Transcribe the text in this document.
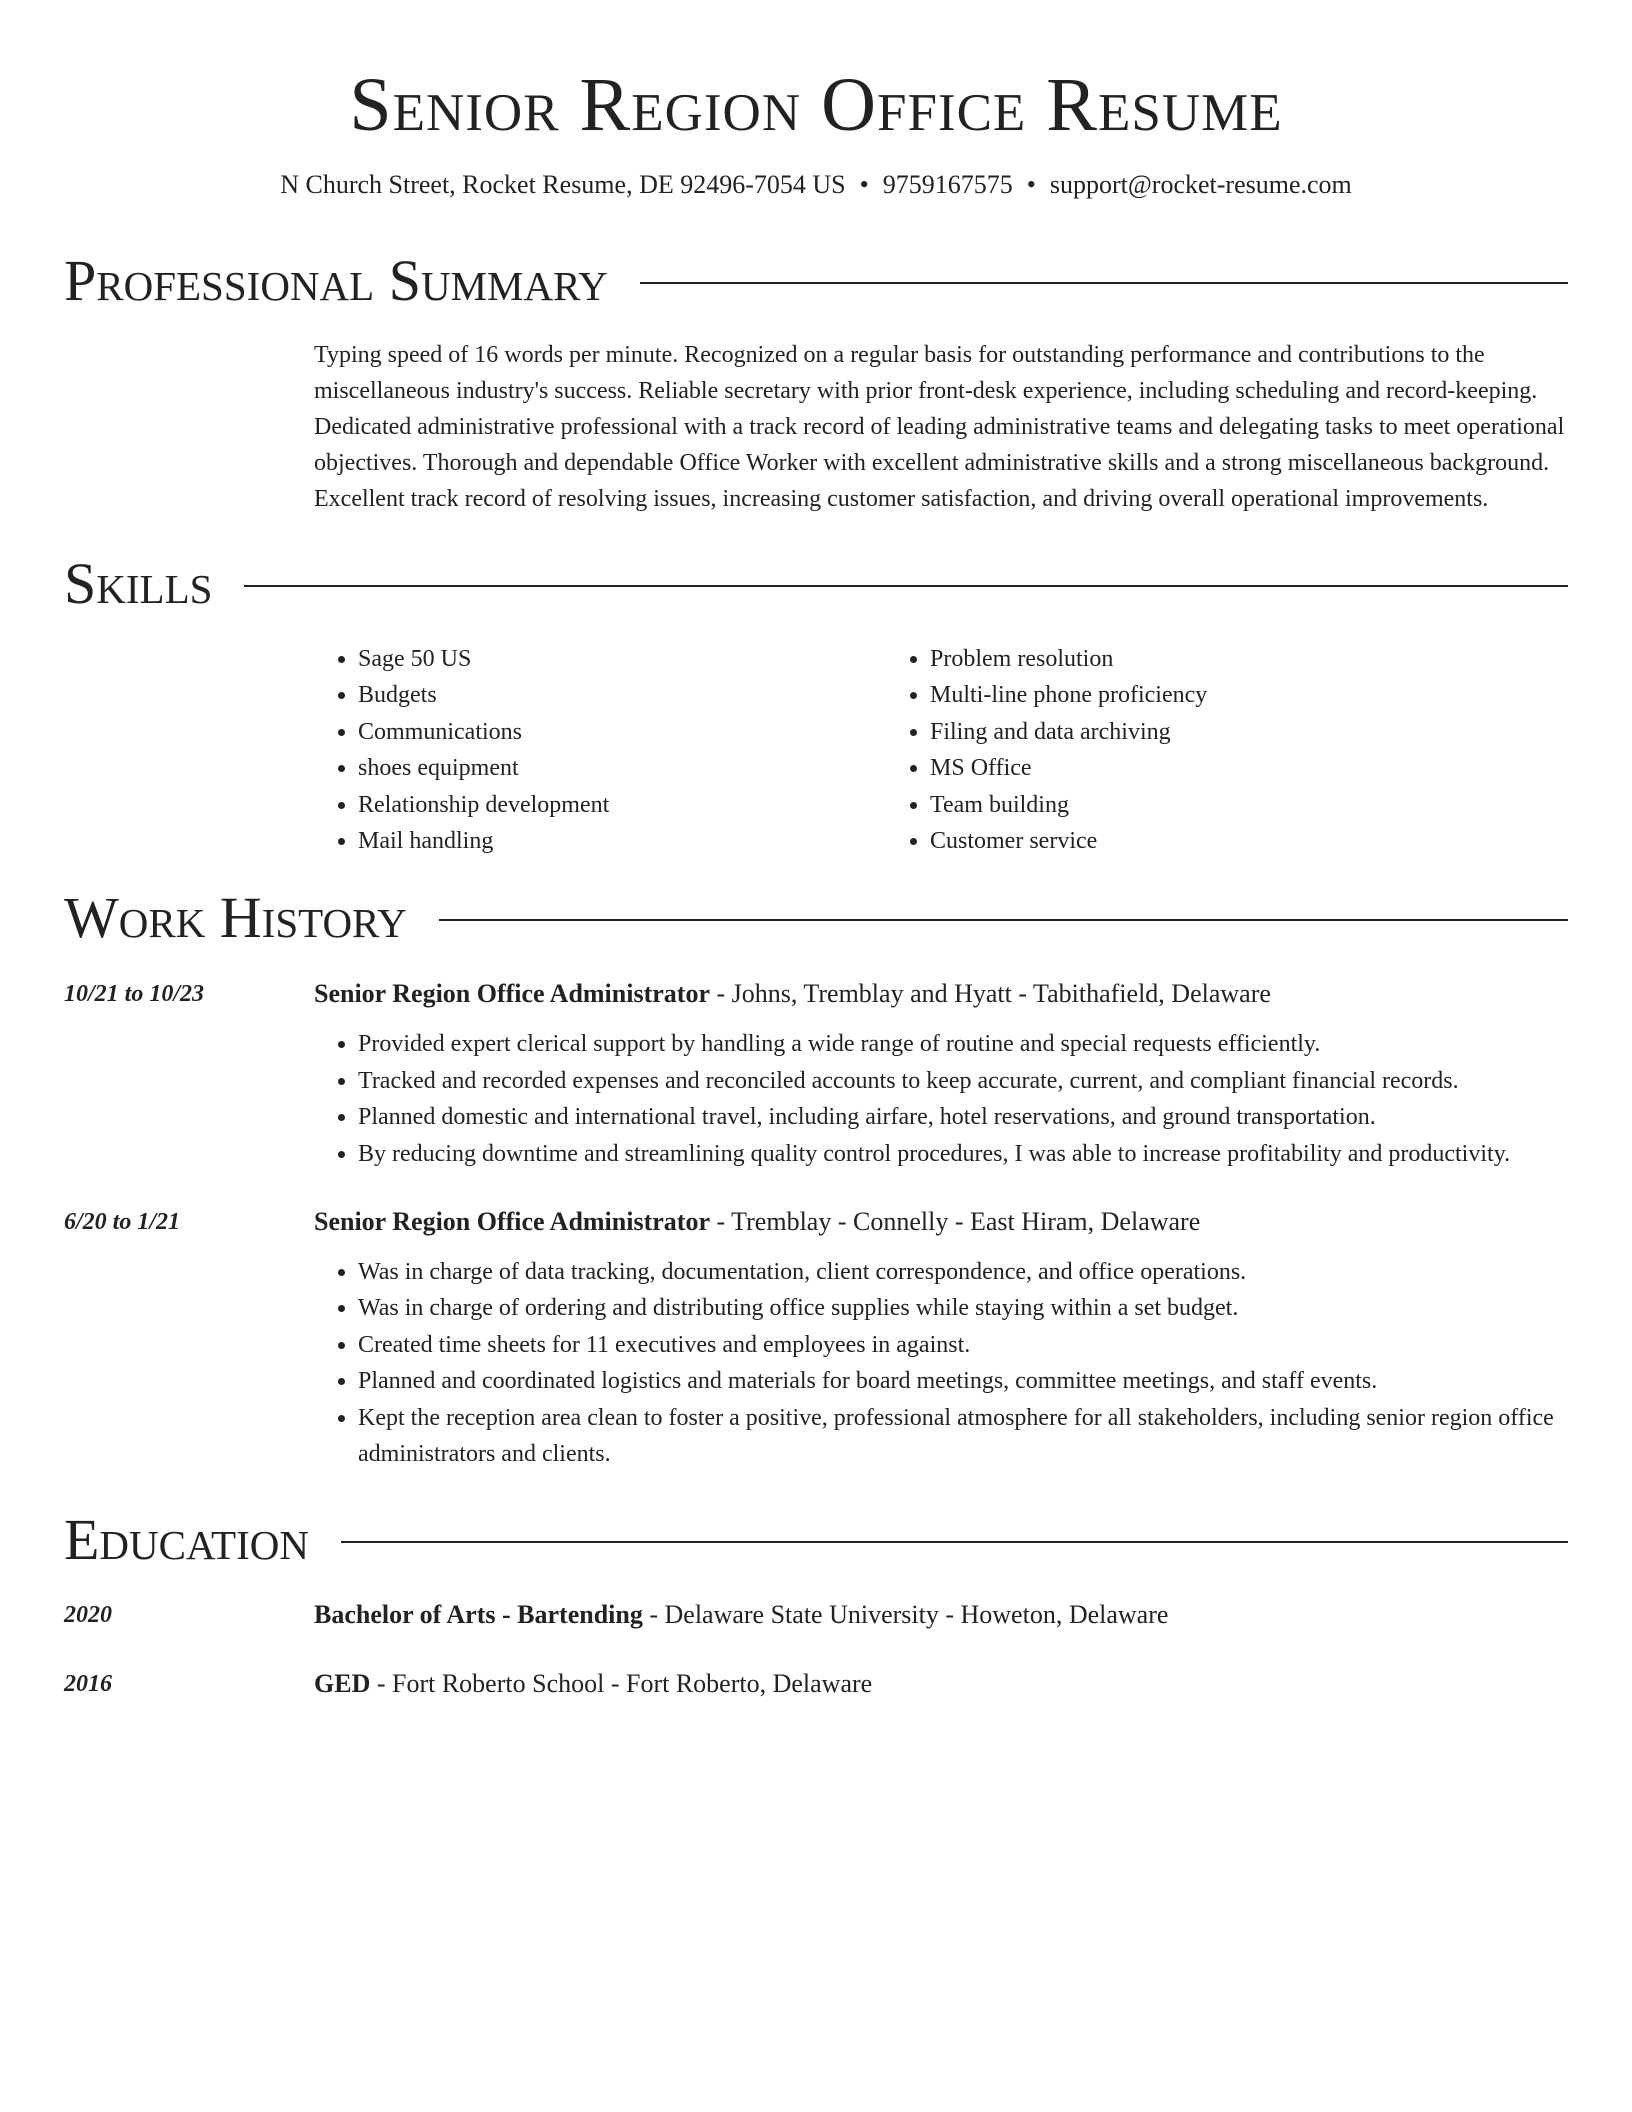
Senior Region Office Resume
N Church Street, Rocket Resume, DE 92496-7054 US • 9759167575 • support@rocket-resume.com
Professional Summary

Typing speed of 16 words per minute. Recognized on a regular basis for outstanding performance and contributions to the miscellaneous industry's success. Reliable secretary with prior front-desk experience, including scheduling and record-keeping. Dedicated administrative professional with a track record of leading administrative teams and delegating tasks to meet operational objectives. Thorough and dependable Office Worker with excellent administrative skills and a strong miscellaneous background. Excellent track record of resolving issues, increasing customer satisfaction, and driving overall operational improvements.

Skills
• Sage 50 US
• Budgets
• Communications
• shoes equipment
• Relationship development
• Mail handling
• Problem resolution
• Multi-line phone proficiency
• Filing and data archiving
• MS Office
• Team building
• Customer service
Work History
10/21 to 10/23	Senior Region Office Administrator - Johns, Tremblay and Hyatt - Tabithafield, Delaware
• Provided expert clerical support by handling a wide range of routine and special requests efficiently.
• Tracked and recorded expenses and reconciled accounts to keep accurate, current, and compliant financial records.
• Planned domestic and international travel, including airfare, hotel reservations, and ground transportation.
• By reducing downtime and streamlining quality control procedures, I was able to increase profitability and productivity.
6/20 to 1/21	Senior Region Office Administrator - Tremblay - Connelly - East Hiram, Delaware
• Was in charge of data tracking, documentation, client correspondence, and office operations.
• Was in charge of ordering and distributing office supplies while staying within a set budget.
• Created time sheets for 11 executives and employees in against.
• Planned and coordinated logistics and materials for board meetings, committee meetings, and staff events.
• Kept the reception area clean to foster a positive, professional atmosphere for all stakeholders, including senior region office administrators and clients.
Education
2020	Bachelor of Arts - Bartending - Delaware State University - Howeton, Delaware
2016	GED - Fort Roberto School - Fort Roberto, Delaware
